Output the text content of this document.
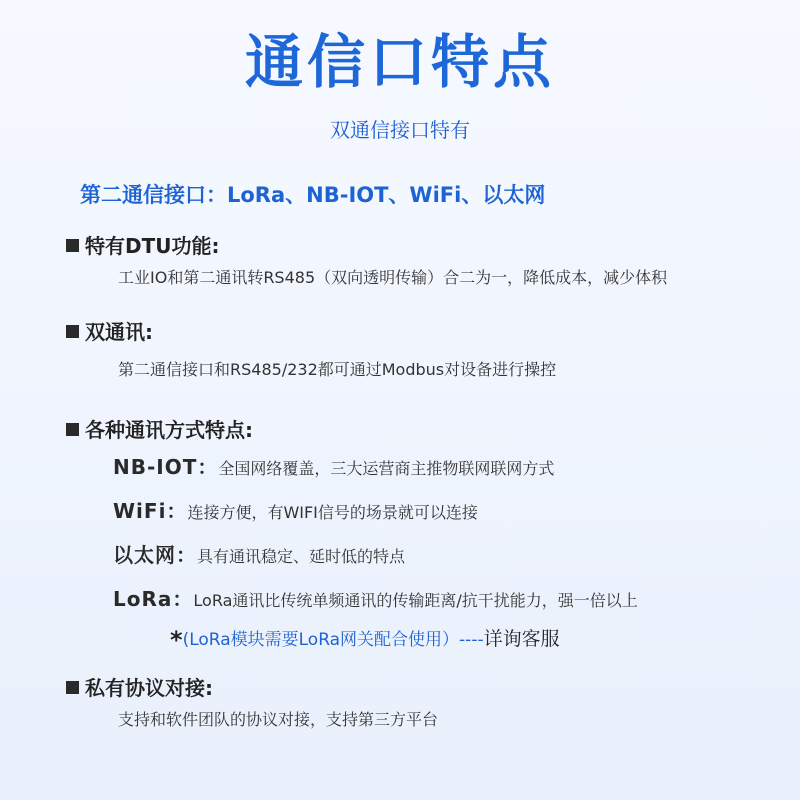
通信口特点
双通信接口特有
第二通信接口：LoRa、NB-IOT、WiFi、以太网
特有DTU功能:
工业IO和第二通讯转RS485（双向透明传输）合二为一，降低成本，减少体积
双通讯:
第二通信接口和RS485/232都可通过Modbus对设备进行操控
各种通讯方式特点:
NB-IOT：全国网络覆盖，三大运营商主推物联网联网方式
WiFi：连接方便，有WIFI信号的场景就可以连接
以太网：具有通讯稳定、延时低的特点
LoRa：LoRa通讯比传统单频通讯的传输距离/抗干扰能力，强一倍以上
*(LoRa模块需要LoRa网关配合使用）----详询客服
私有协议对接:
支持和软件团队的协议对接，支持第三方平台
